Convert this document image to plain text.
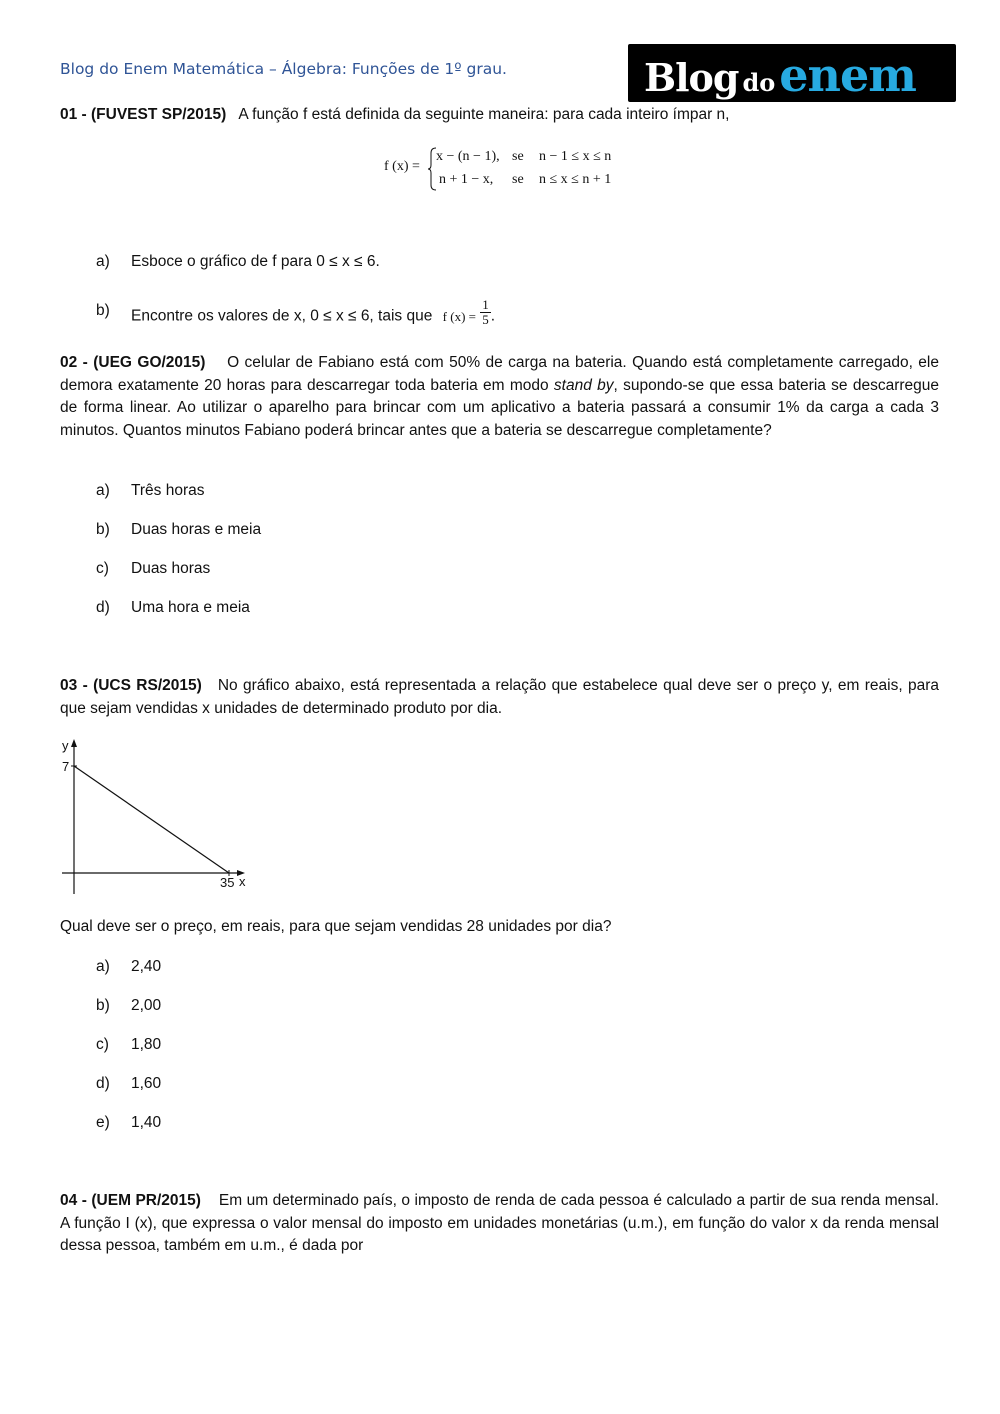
Blog do Enem Matemática – Álgebra: Funções de 1º grau.	Blog doenem
01 - (FUVEST SP/2015) A função f está definida da seguinte maneira: para cada inteiro ímpar n,
f (x) =
x − (n − 1), se n − 1 ≤ x ≤ n
n + 1 − x, se n ≤ x ≤ n + 1
a) Esboce o gráfico de f para 0 ≤ x ≤ 6.
b) Encontre os valores de x, 0 ≤ x ≤ 6, tais que f $(x) = \frac{1}{5}$ .
02 - (UEG GO/2015) O celular de Fabiano está com 50% de carga na bateria. Quando está completamente carregado, ele demora exatamente 20 horas para descarregar toda bateria em modo stand by, supondo-se que essa bateria se descarregue de forma linear. Ao utilizar o aparelho para brincar com um aplicativo a bateria passará a consumir 1% da carga a cada 3 minutos. Quantos minutos Fabiano poderá brincar antes que a bateria se descarregue completamente?
a) Três horas
b) Duas horas e meia
c) Duas horas
d) Uma hora e meia
03 - (UCS RS/2015) No gráfico abaixo, está representada a relação que estabelece qual deve ser o preço y, em reais, para que sejam vendidas x unidades de determinado produto por dia.
y
x
7
35
Qual deve ser o preço, em reais, para que sejam vendidas 28 unidades por dia?
a) 2,40
b) 2,00
c) 1,80
d) 1,60
e) 1,40
04 - (UEM PR/2015) Em um determinado país, o imposto de renda de cada pessoa é calculado a partir de sua renda mensal. A função I (x), que expressa o valor mensal do imposto em unidades monetárias (u.m.), em função do valor x da renda mensal dessa pessoa, também em u.m., é dada por
